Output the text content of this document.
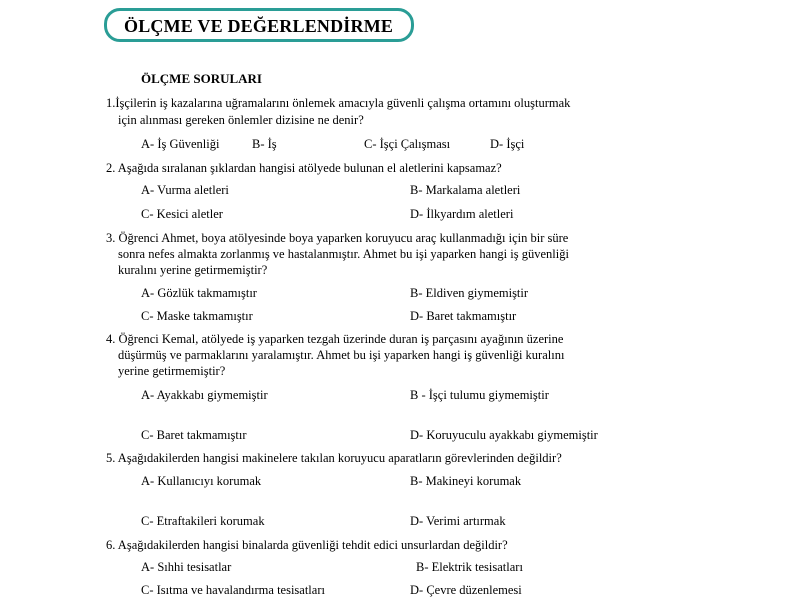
ÖLÇME VE DEĞERLENDİRME
ÖLÇME SORULARI
1.İşçilerin iş kazalarına uğramalarını önlemek amacıyla güvenli çalışma ortamını oluşturmak
için alınması gereken önlemler dizisine ne denir?
A- İş Güvenliği	B- İş	C- İşçi Çalışması	D- İşçi
2. Aşağıda sıralanan şıklardan hangisi atölyede bulunan el aletlerini kapsamaz?
A- Vurma aletleri	B- Markalama aletleri
C- Kesici aletler	D- İlkyardım aletleri
3. Öğrenci Ahmet, boya atölyesinde boya yaparken koruyucu araç kullanmadığı için bir süre
sonra nefes almakta zorlanmış ve hastalanmıştır. Ahmet bu işi yaparken hangi iş güvenliği
kuralını yerine getirmemiştir?
A- Gözlük takmamıştır	B- Eldiven giymemiştir
C- Maske takmamıştır	D- Baret takmamıştır
4. Öğrenci Kemal, atölyede iş yaparken tezgah üzerinde duran iş parçasını ayağının üzerine
düşürmüş ve parmaklarını yaralamıştır. Ahmet bu işi yaparken hangi iş güvenliği kuralını
yerine getirmemiştir?
A- Ayakkabı giymemiştir	B - İşçi tulumu giymemiştir
C- Baret takmamıştır	D- Koruyuculu ayakkabı giymemiştir
5. Aşağıdakilerden hangisi makinelere takılan koruyucu aparatların görevlerinden değildir?
A- Kullanıcıyı korumak	B- Makineyi korumak
C- Etraftakileri korumak	D- Verimi artırmak
6. Aşağıdakilerden hangisi binalarda güvenliği tehdit edici unsurlardan değildir?
A- Sıhhi tesisatlar	B- Elektrik tesisatları
C- Isıtma ve havalandırma tesisatları	D- Çevre düzenlemesi
